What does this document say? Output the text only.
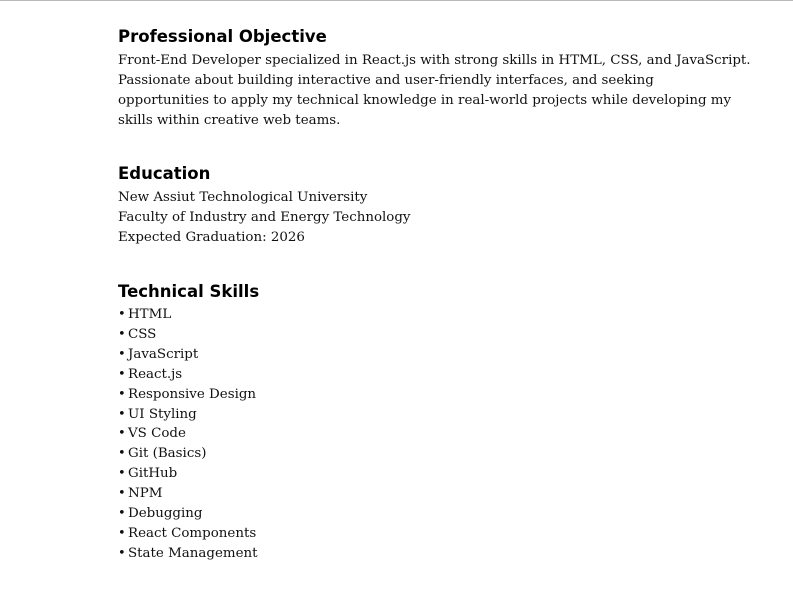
Professional Objective
Front-End Developer specialized in React.js with strong skills in HTML, CSS, and JavaScript.
Passionate about building interactive and user-friendly interfaces, and seeking
opportunities to apply my technical knowledge in real-world projects while developing my
skills within creative web teams.
Education
New Assiut Technological University
Faculty of Industry and Energy Technology
Expected Graduation: 2026
Technical Skills
• HTML
• CSS
• JavaScript
• React.js
• Responsive Design
• UI Styling
• VS Code
• Git (Basics)
• GitHub
• NPM
• Debugging
• React Components
• State Management
